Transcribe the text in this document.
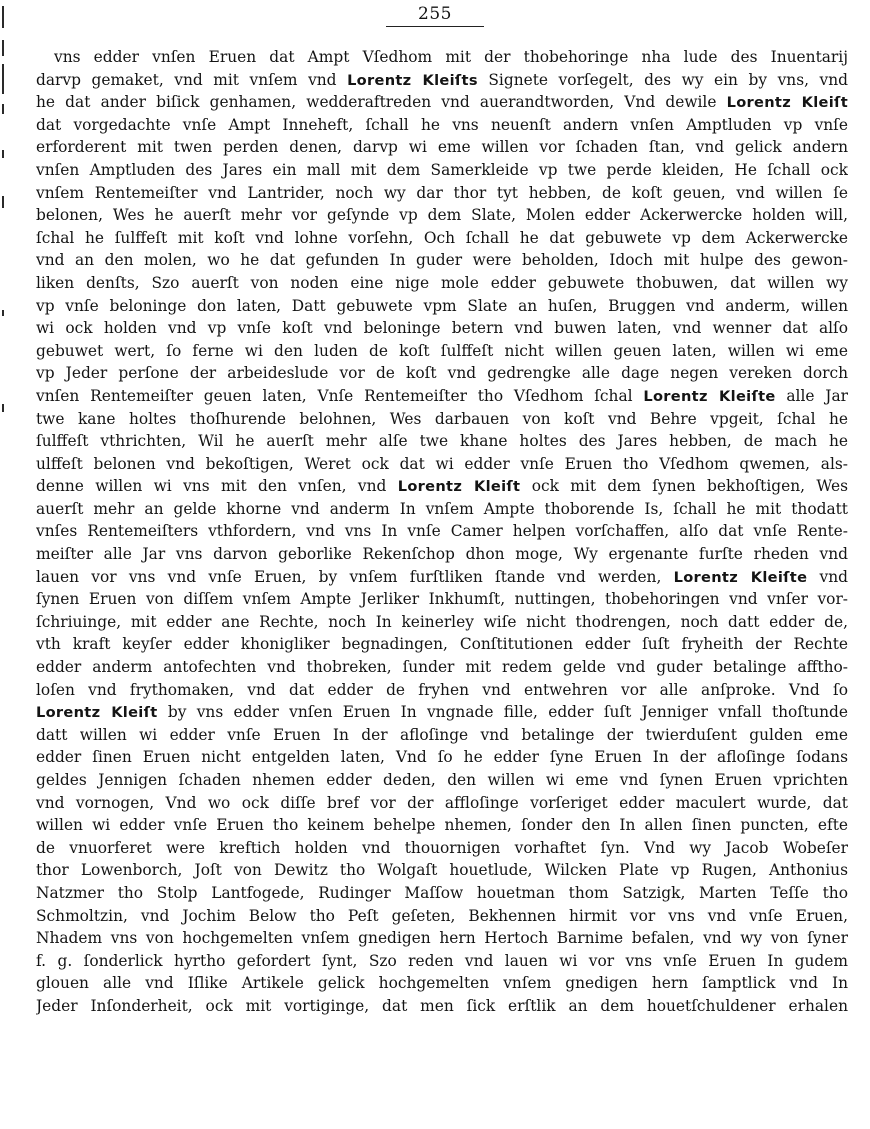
255
vns edder vnſen Eruen dat Ampt Vſedhom mit der thobehoringe nha lude des Inuentarij
darvp gemaket, vnd mit vnſem vnd Lorentz Kleiſts Signete vorſegelt, des wy ein by vns, vnd
he dat ander biſick genhamen, wedderaftreden vnd auerandtworden, Vnd dewile Lorentz Kleiſt
dat vorgedachte vnſe Ampt Inneheft, ſchall he vns neuenſt andern vnſen Amptluden vp vnſe
erforderent mit twen perden denen, darvp wi eme willen vor ſchaden ſtan, vnd gelick andern
vnſen Amptluden des Jares ein mall mit dem Samerkleide vp twe perde kleiden, He ſchall ock
vnſem Rentemeiſter vnd Lantrider, noch wy dar thor tyt hebben, de koſt geuen, vnd willen ſe
belonen, Wes he auerſt mehr vor geſynde vp dem Slate, Molen edder Ackerwercke holden will,
ſchal he ſulffeſt mit koſt vnd lohne vorſehn, Och ſchall he dat gebuwete vp dem Ackerwercke
vnd an den molen, wo he dat gefunden In guder were beholden, Idoch mit hulpe des gewon-
liken denſts, Szo auerſt von noden eine nige mole edder gebuwete thobuwen, dat willen wy
vp vnſe beloninge don laten, Datt gebuwete vpm Slate an huſen, Bruggen vnd anderm, willen
wi ock holden vnd vp vnſe koſt vnd beloninge betern vnd buwen laten, vnd wenner dat alſo
gebuwet wert, ſo ferne wi den luden de koſt ſulffeſt nicht willen geuen laten, willen wi eme
vp Jeder perſone der arbeideslude vor de koſt vnd gedrengke alle dage negen vereken dorch
vnſen Rentemeiſter geuen laten, Vnſe Rentemeiſter tho Vſedhom ſchal Lorentz Kleiſte alle Jar
twe kane holtes thoſhurende belohnen, Wes darbauen von koſt vnd Behre vpgeit, ſchal he
ſulffeſt vthrichten, Wil he auerſt mehr alſe twe khane holtes des Jares hebben, de mach he
ulffeſt belonen vnd bekoſtigen, Weret ock dat wi edder vnſe Eruen tho Vſedhom qwemen, als-
denne willen wi vns mit den vnſen, vnd Lorentz Kleiſt ock mit dem ſynen bekhoſtigen, Wes
auerſt mehr an gelde khorne vnd anderm In vnſem Ampte thoborende Is, ſchall he mit thodatt
vnſes Rentemeiſters vthfordern, vnd vns In vnſe Camer helpen vorſchaffen, alſo dat vnſe Rente-
meiſter alle Jar vns darvon geborlike Rekenſchop dhon moge, Wy ergenante furſte rheden vnd
lauen vor vns vnd vnſe Eruen, by vnſem furſtliken ſtande vnd werden, Lorentz Kleiſte vnd
ſynen Eruen von diſſem vnſem Ampte Jerliker Inkhumſt, nuttingen, thobehoringen vnd vnſer vor-
ſchriuinge, mit edder ane Rechte, noch In keinerley wiſe nicht thodrengen, noch datt edder de,
vth kraft keyſer edder khonigliker begnadingen, Conſtitutionen edder ſuſt fryheith der Rechte
edder anderm antofechten vnd thobreken, ſunder mit redem gelde vnd guder betalinge affthо-
loſen vnd frythomaken, vnd dat edder de fryhen vnd entwehren vor alle anſproke. Vnd ſo
Lorentz Kleiſt by vns edder vnſen Eruen In vngnade fille, edder ſuſt Jenniger vnfall thoſtunde
datt willen wi edder vnſe Eruen In der afloſinge vnd betalinge der twierduſent gulden eme
edder ſinen Eruen nicht entgelden laten, Vnd ſo he edder ſyne Eruen In der afloſinge ſodans
geldes Jennigen ſchaden nhemen edder deden, den willen wi eme vnd ſynen Eruen vprichten
vnd vornogen, Vnd wo ock diſſe bref vor der affloſinge vorſeriget edder maculert wurde, dat
willen wi edder vnſe Eruen tho keinem behelpe nhemen, ſonder den In allen ſinen puncten, efte
de vnuorferet were kreftich holden vnd thouornigen vorhaftet ſyn. Vnd wy Jacob Wobeſer
thor Lowenborch, Joſt von Dewitz tho Wolgaſt houetlude, Wilcken Plate vp Rugen, Anthonius
Natzmer tho Stolp Lantfogede, Rudinger Maſſow houetman thom Satzigk, Marten Teſſe tho
Schmoltzin, vnd Jochim Below tho Peſt geſeten, Bekhennen hirmit vor vns vnd vnſe Eruen,
Nhadem vns von hochgemelten vnſem gnedigen hern Hertoch Barnime befalen, vnd wy von ſyner
f. g. ſonderlick hyrtho gefordert ſynt, Szo reden vnd lauen wi vor vns vnſe Eruen In gudem
glouen alle vnd Iſlike Artikele gelick hochgemelten vnſem gnedigen hern ſamptlick vnd In
Jeder Inſonderheit, ock mit vortiginge, dat men ſick erſtlik an dem houetſchuldener erhalen
